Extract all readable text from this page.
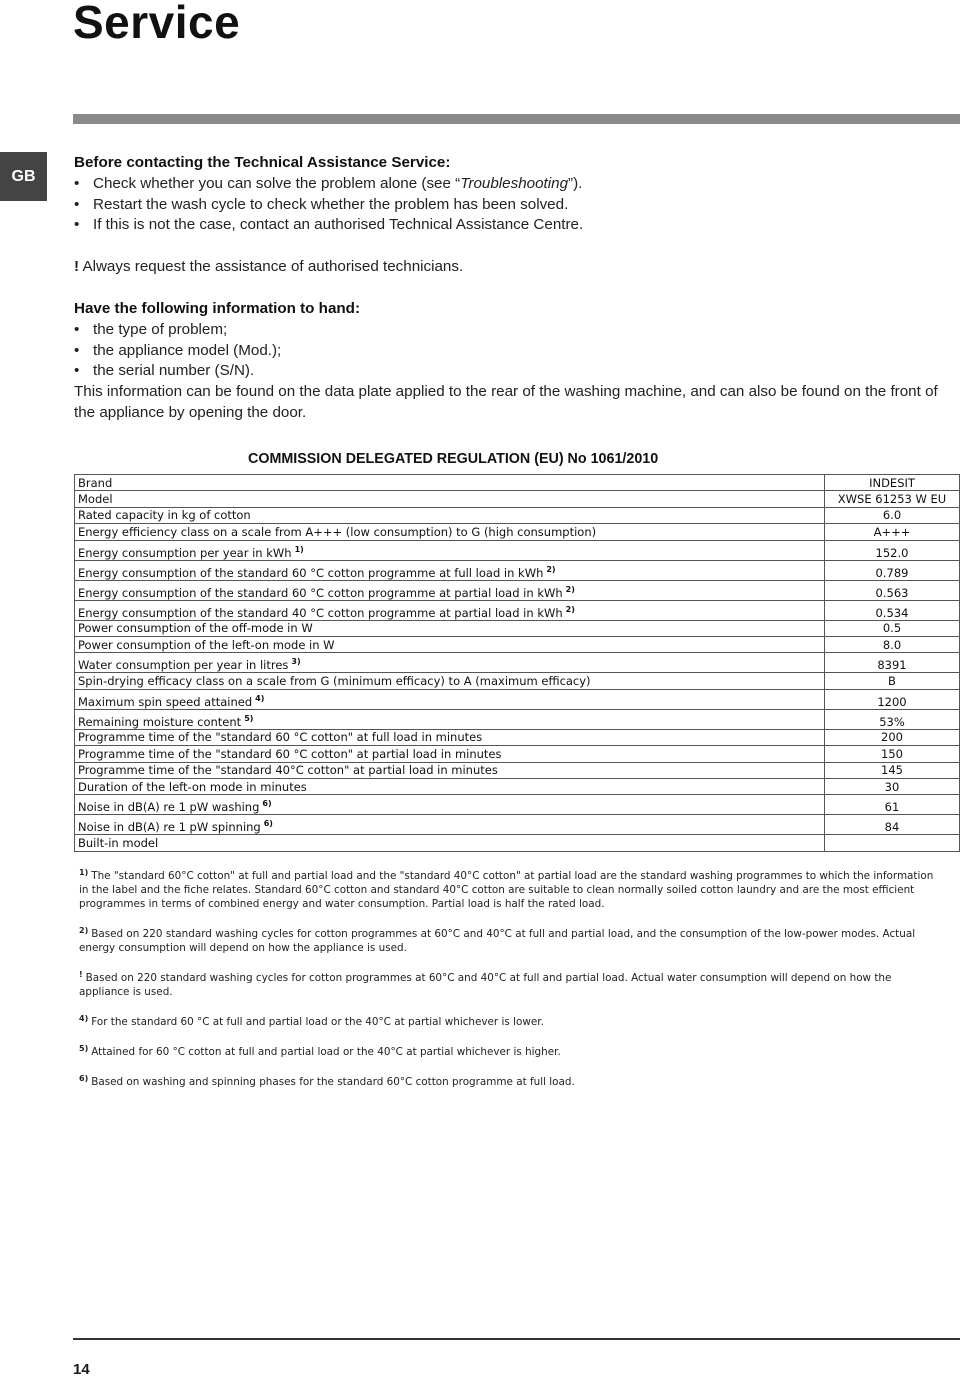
Service
GB

Before contacting the Technical Assistance Service:

• Check whether you can solve the problem alone (see “Troubleshooting”).
• Restart the wash cycle to check whether the problem has been solved.
• If this is not the case, contact an authorised Technical Assistance Centre.

! Always request the assistance of authorised technicians.

Have the following information to hand:

• the type of problem;
• the appliance model (Mod.);
• the serial number (S/N).

This information can be found on the data plate applied to the rear of the washing machine, and can also be found on the front of the appliance by opening the door.

COMMISSION DELEGATED REGULATION (EU) No 1061/2010
Brand	INDESIT
Model	XWSE 61253 W EU
Rated capacity in kg of cotton	6.0
Energy efficiency class on a scale from A+++ (low consumption) to G (high consumption)	A+++
Energy consumption per year in kWh $^{1)}$	152.0
Energy consumption of the standard 60 °C cotton programme at full load in kWh $^{2)}$	0.789
Energy consumption of the standard 60 °C cotton programme at partial load in kWh $^{2)}$	0.563
Energy consumption of the standard 40 °C cotton programme at partial load in kWh $^{2)}$	0.534
Power consumption of the off-mode in W	0.5
Power consumption of the left-on mode in W	8.0
Water consumption per year in litres $^{3)}$	8391
Spin-drying efficacy class on a scale from G (minimum efficacy) to A (maximum efficacy)	B
Maximum spin speed attained $^{4)}$	1200
Remaining moisture content $^{5)}$	53%
Programme time of the "standard 60 °C cotton" at full load in minutes	200
Programme time of the "standard 60 °C cotton" at partial load in minutes	150
Programme time of the "standard 40°C cotton" at partial load in minutes	145
Duration of the left-on mode in minutes	30
Noise in dB(A) re 1 pW washing $^{6)}$	61
Noise in dB(A) re 1 pW spinning $^{6)}$	84
Built-in model	

$^{1)}$ The "standard 60°C cotton" at full and partial load and the "standard 40°C cotton" at partial load are the standard washing programmes to which the information in the label and the fiche relates. Standard 60°C cotton and standard 40°C cotton are suitable to clean normally soiled cotton laundry and are the most efficient programmes in terms of combined energy and water consumption. Partial load is half the rated load.

$^{2)}$ Based on 220 standard washing cycles for cotton programmes at 60°C and 40°C at full and partial load, and the consumption of the low-power modes. Actual energy consumption will depend on how the appliance is used.

! Based on 220 standard washing cycles for cotton programmes at 60°C and 40°C at full and partial load. Actual water consumption will depend on how the appliance is used.

$^{4)}$ For the standard 60 °C at full and partial load or the 40°C at partial whichever is lower.

$^{5)}$ Attained for 60 °C cotton at full and partial load or the 40°C at partial whichever is higher.

$^{6)}$ Based on washing and spinning phases for the standard 60°C cotton programme at full load.

14
